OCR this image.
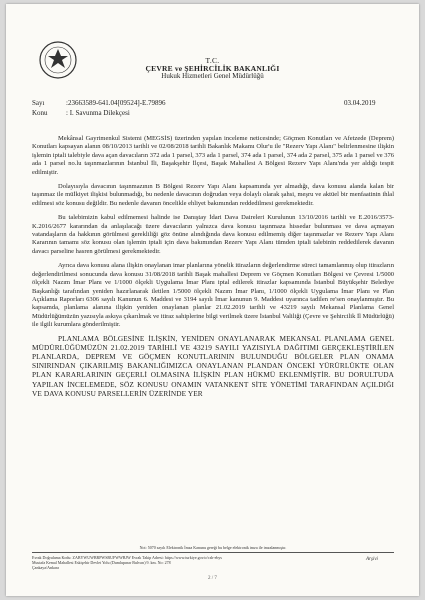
T.C.
ÇEVRE ve ŞEHİRCİLİK BAKANLIĞI
Hukuk Hizmetleri Genel Müdürlüğü
Sayı	:23663589-641.04[09524]-E.79896	03.04.2019
Konu	: I. Savunma Dilekçesi

Mekânsal Gayrimenkul Sistemi (MEGSİS) üzerinden yapılan inceleme neticesinde; Göçmen Konutları ve Afetzede (Deprem) Konutları kapsayan alanın 08/10/2013 tarihli ve 02/08/2018 tarihli Bakanlık Makamı Olur'u ile "Rezerv Yapı Alanı" belirlenmesine ilişkin işlemin iptali talebiyle dava açan davacıların 372 ada 1 parsel, 373 ada 1 parsel, 374 ada 1 parsel, 374 ada 2 parsel, 375 ada 1 parsel ve 376 ada 1 parsel no.lu taşınmazlarının İstanbul İli, Başakşehir İlçesi, Başak Mahallesi A Bölgesi Rezerv Yapı Alanı'nda yer aldığı tespit edilmiştir.

Dolayısıyla davacının taşınmazının B Bölgesi Rezerv Yapı Alanı kapsamında yer almadığı, dava konusu alanda kalan bir taşınmaz ile müİkiyet ilişkisi bulunmadığı, bu nedenle davacının doğrudan veya dolaylı olarak şahsi, meşru ve aktüel bir menfaatinin ihlal edilmesi söz konusu değildir. Bu nedenle davanın öncelikle ehliyet bakımından reddedilmesi gerekmektedir.

Bu talebimizin kabul edilmemesi halinde ise Danıştay İdari Dava Daireleri Kurulunun 13/10/2016 tarihli ve E.2016/3573-K.2016/2677 kararından da anlaşılacağı üzere davacıların yalnızca dava konusu taşınmaza hissedar bulunması ve dava açmayan vatandaşların da hakkının görülmesi gerekliliği göz önüne alındığında dava konusu edilmemiş diğer taşınmazlar ve Rezerv Yapı Alanı Kararının tamamı söz konusu olan işlemin iptali için dava bakımından Rezerv Yapı Alanı tümden iptali talebinin reddedilerek davanın davacı parseline hasren görülmesi gerekmektedir.

Ayrıca dava konusu alana ilişkin onaylanan imar planlarına yönelik itirazların değerlendirme süreci tamamlanmış olup itirazların değerlendirilmesi sonucunda dava konusu 31/08/2018 tarihli Başak mahallesi Deprem ve Göçmen Konutları Bölgesi ve Çevresi 1/5000 ölçekli Nazım İmar Planı ve 1/1000 ölçekli Uygulama İmar Planı iptal edilerek itirazlar kapsamında İstanbul Büyükşehir Belediye Başkanlığı tarafından yeniden hazırlanarak iletilen 1/5000 ölçekli Nazım İmar Planı, 1/1000 ölçekli Uygulama İmar Planı ve Plan Açıklama Raporları 6306 sayılı Kanunun 6. Maddesi ve 3194 sayılı İmar kanunun 9. Maddesi uyarınca tadilen re'sen onaylanmıştır. Bu kapsamda, planlama alanına ilişkin yeniden onaylanan planlar 21.02.2019 tarihli ve 43219 sayılı Mekansal Planlama Genel Müdürlüğümüzün yazısıyla askıya çıkarılmak ve itiraz sahiplerine bilgi verilmek üzere İstanbul Valiliği (Çevre ve Şehircilik İl Müdürlüğü) ile ilgili kurumlara gönderilmiştir.

PLANLAMA BÖLGESİNE İLİŞKİN, YENİDEN ONAYLANARAK MEKANSAL PLANLAMA GENEL MÜDÜRLÜĞÜMÜZÜN 21.02.2019 TARİHLİ VE 43219 SAYILI YAZISIYLA DAĞITIMI GERÇEKLEŞTİRİLEN PLANLARDA, DEPREM VE GÖÇMEN KONUTLARININ BULUNDUĞU BÖLGELER PLAN ONAMA SINIRINDAN ÇIKARILMIŞ BAKANLIĞIMIZCA ONAYLANAN PLANDAN ÖNCEKİ YÜRÜRLÜKTE OLAN PLAN KARARLARININ GEÇERLİ OLMASINA İLİŞKİN PLAN HÜKMÜ EKLENMİŞTİR. BU DORULTUDA YAPILAN İNCELEMEDE, SÖZ KONUSU ONAMIN VATANKENT SİTE YÖNETİMİ TARAFINDAN AÇILDIĞI VE DAVA KONUSU PARSELLERİN ÜZERİNDE YER

Not: 5070 sayılı Elektronik İmza Kanunu gereği bu belge elektronik imza ile imzalanmıştır.
Evrak Doğrulama Kodu: ZABYWUWBRPWSBUFWWBJW Evrak Takip Adresi: https://www.turkiye.gov.tr/csb-ebys
Mustafa Kemal Mahallesi Eskişehir Devlet Yolu (Dumlupınar Bulvarı) 9. km. No: 278
Çankaya/Ankara
Arşivi
2 / 7
